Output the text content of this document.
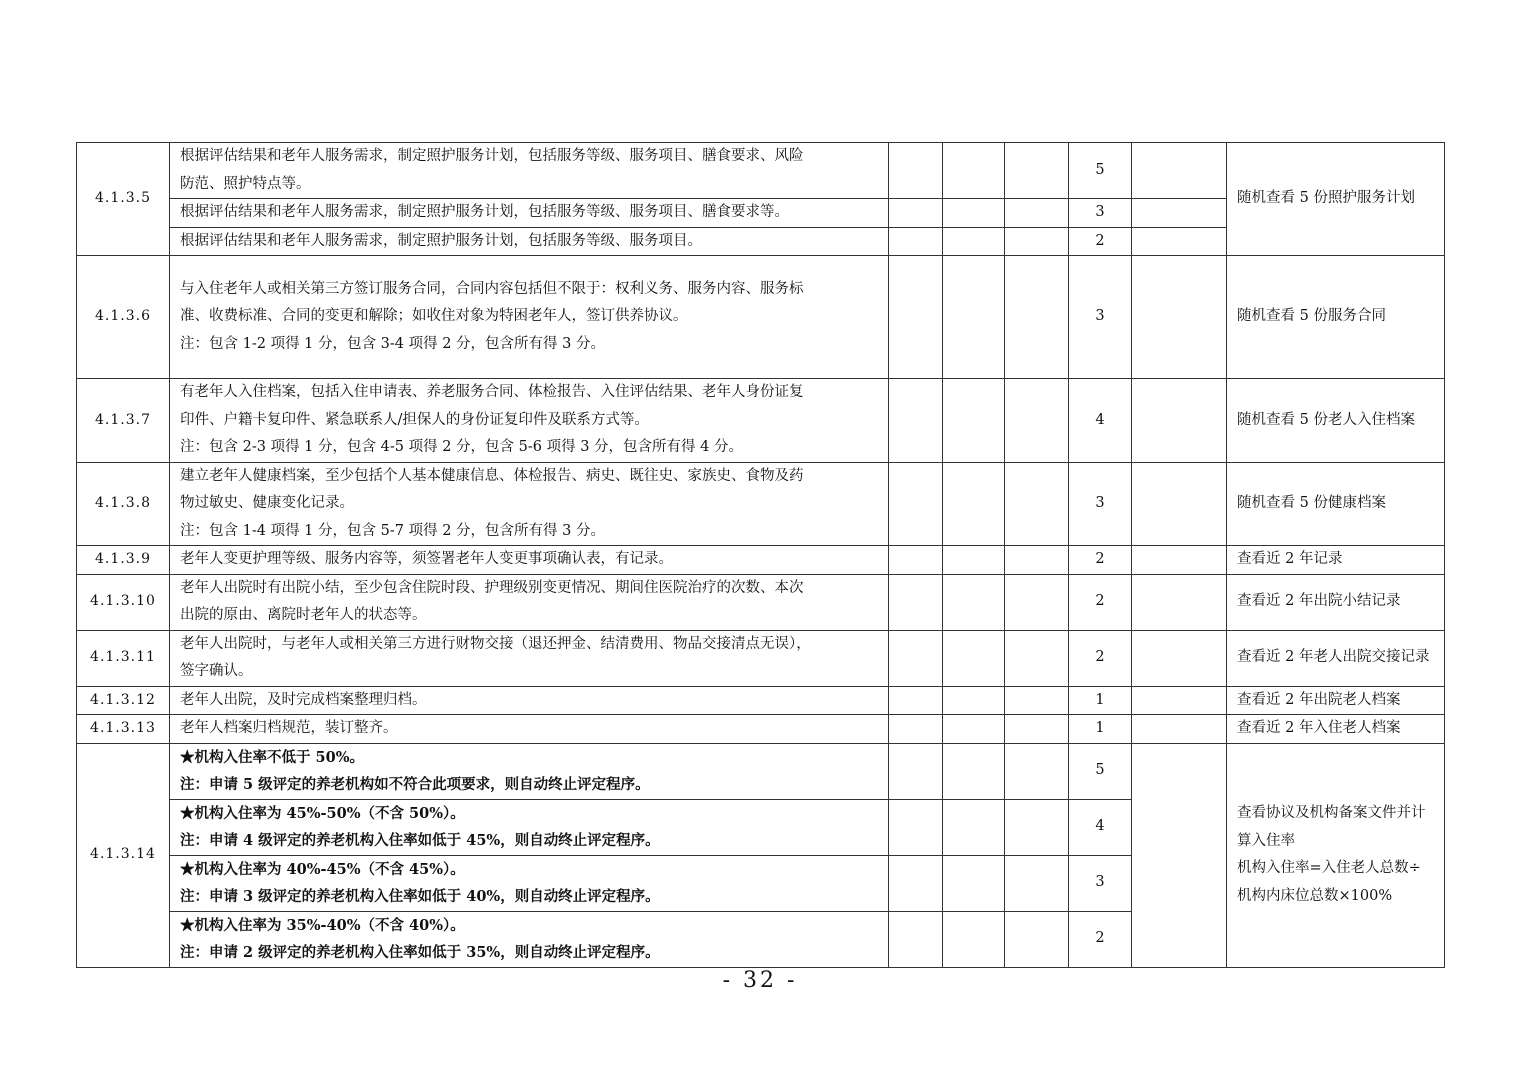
4.1.3.5	根据评估结果和老年人服务需求，制定照护服务计划，包括服务等级、服务项目、膳食要求、风险
防范、照护特点等。				5		随机查看 5 份照护服务计划

	根据评估结果和老年人服务需求，制定照护服务计划，包括服务等级、服务项目、膳食要求等。				3		

	根据评估结果和老年人服务需求，制定照护服务计划，包括服务等级、服务项目。				2		
4.1.3.6	与入住老年人或相关第三方签订服务合同，合同内容包括但不限于：权利义务、服务内容、服务标
准、收费标准、合同的变更和解除；如收住对象为特困老年人，签订供养协议。
注：包含 1-2 项得 1 分，包含 3-4 项得 2 分，包含所有得 3 分。				3		随机查看 5 份服务合同
4.1.3.7	有老年人入住档案，包括入住申请表、养老服务合同、体检报告、入住评估结果、老年人身份证复
印件、户籍卡复印件、紧急联系人/担保人的身份证复印件及联系方式等。
注：包含 2-3 项得 1 分，包含 4-5 项得 2 分，包含 5-6 项得 3 分，包含所有得 4 分。				4		随机查看 5 份老人入住档案
4.1.3.8	建立老年人健康档案，至少包括个人基本健康信息、体检报告、病史、既往史、家族史、食物及药
物过敏史、健康变化记录。
注：包含 1-4 项得 1 分，包含 5-7 项得 2 分，包含所有得 3 分。				3		随机查看 5 份健康档案
4.1.3.9	老年人变更护理等级、服务内容等，须签署老年人变更事项确认表，有记录。				2		查看近 2 年记录
4.1.3.10	老年人出院时有出院小结，至少包含住院时段、护理级别变更情况、期间住医院治疗的次数、本次
出院的原由、离院时老年人的状态等。				2		查看近 2 年出院小结记录
4.1.3.11	老年人出院时，与老年人或相关第三方进行财物交接（退还押金、结清费用、物品交接清点无误），
签字确认。				2		查看近 2 年老人出院交接记录
4.1.3.12	老年人出院，及时完成档案整理归档。				1		查看近 2 年出院老人档案
4.1.3.13	老年人档案归档规范，装订整齐。				1		查看近 2 年入住老人档案
4.1.3.14	★机构入住率不低于 50%。
注：申请 5 级评定的养老机构如不符合此项要求，则自动终止评定程序。				5		查看协议及机构备案文件并计算入住率
机构入住率=入住老人总数÷机构内床位总数×100%

	★机构入住率为 45%-50%（不含 50%）。
注：申请 4 级评定的养老机构入住率如低于 45%，则自动终止评定程序。				4		

	★机构入住率为 40%-45%（不含 45%）。
注：申请 3 级评定的养老机构入住率如低于 40%，则自动终止评定程序。				3		

	★机构入住率为 35%-40%（不含 40%）。
注：申请 2 级评定的养老机构入住率如低于 35%，则自动终止评定程序。				2		
- 32 -
